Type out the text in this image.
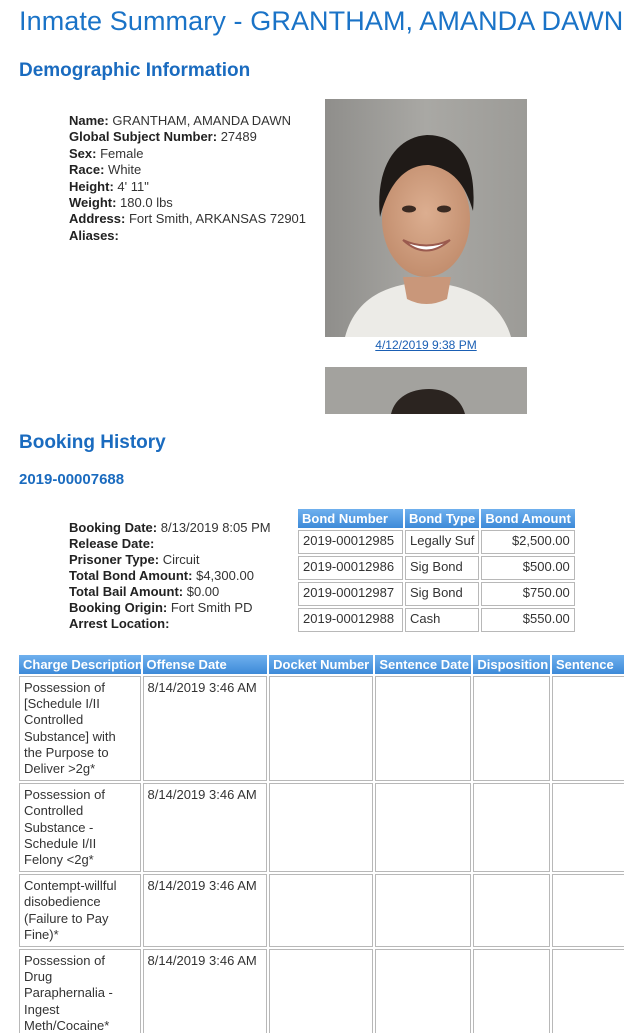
Inmate Summary - GRANTHAM, AMANDA DAWN
Demographic Information
Name: GRANTHAM, AMANDA DAWN
Global Subject Number: 27489
Sex: Female
Race: White
Height: 4' 11"
Weight: 180.0 lbs
Address: Fort Smith, ARKANSAS 72901
Aliases:
4/12/2019 9:38 PM
Booking History
2019-00007688
Booking Date: 8/13/2019 8:05 PM
Release Date:
Prisoner Type: Circuit
Total Bond Amount: $4,300.00
Total Bail Amount: $0.00
Booking Origin: Fort Smith PD
Arrest Location:
Bond Number	Bond Type	Bond Amount
2019-00012985	Legally Suf	$2,500.00
2019-00012986	Sig Bond	$500.00
2019-00012987	Sig Bond	$750.00
2019-00012988	Cash	$550.00
Charge Description	Offense Date	Docket Number	Sentence Date	Disposition	Sentence
Possession of [Schedule I/II Controlled Substance] with the Purpose to Deliver >2g*	8/14/2019 3:46 AM				
Possession of Controlled Substance - Schedule I/II Felony <2g*	8/14/2019 3:46 AM				
Contempt-willful disobedience (Failure to Pay Fine)*	8/14/2019 3:46 AM				
Possession of Drug Paraphernalia - Ingest Meth/Cocaine*	8/14/2019 3:46 AM				
